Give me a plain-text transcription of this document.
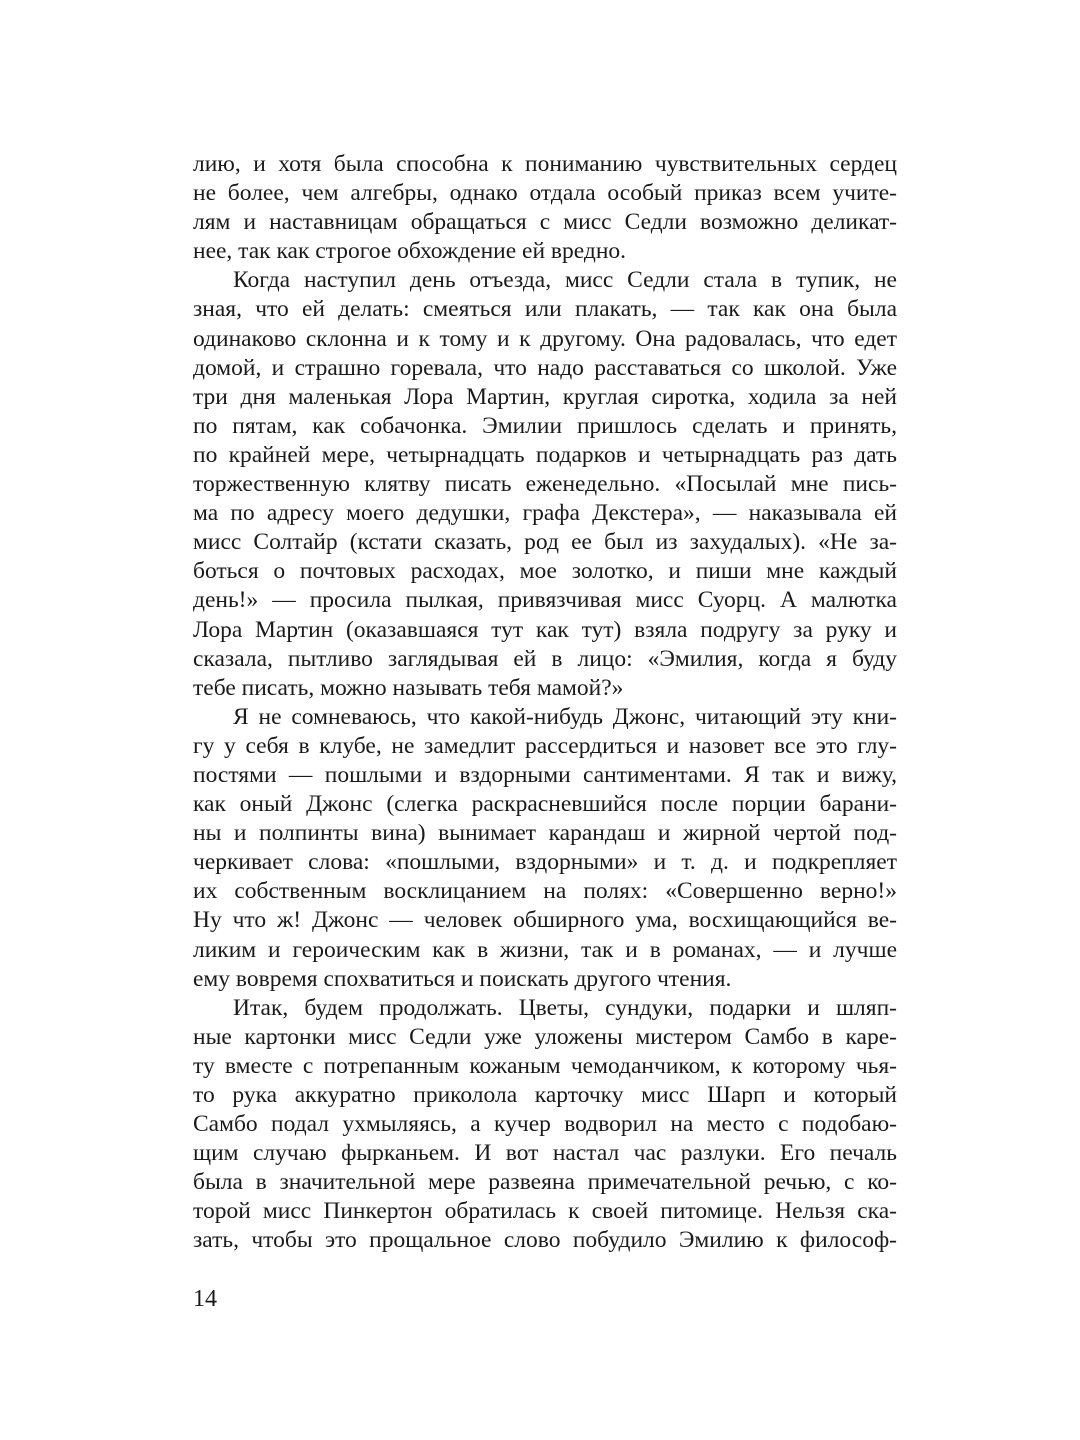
лию, и хотя была способна к пониманию чувствительных сердец
не более, чем алгебры, однако отдала особый приказ всем учите-
лям и наставницам обращаться с мисс Седли возможно деликат-
нее, так как строгое обхождение ей вредно.
Когда наступил день отъезда, мисс Седли стала в тупик, не
зная, что ей делать: смеяться или плакать, — так как она была
одинаково склонна и к тому и к другому. Она радовалась, что едет
домой, и страшно горевала, что надо расставаться со школой. Уже
три дня маленькая Лора Мартин, круглая сиротка, ходила за ней
по пятам, как собачонка. Эмилии пришлось сделать и принять,
по крайней мере, четырнадцать подарков и четырнадцать раз дать
торжественную клятву писать еженедельно. «Посылай мне пись-
ма по адресу моего дедушки, графа Декстера», — наказывала ей
мисс Солтайр (кстати сказать, род ее был из захудалых). «Не за-
боться о почтовых расходах, мое золотко, и пиши мне каждый
день!» — просила пылкая, привязчивая мисс Суорц. А малютка
Лора Мартин (оказавшаяся тут как тут) взяла подругу за руку и
сказала, пытливо заглядывая ей в лицо: «Эмилия, когда я буду
тебе писать, можно называть тебя мамой?»
Я не сомневаюсь, что какой-нибудь Джонс, читающий эту кни-
гу у себя в клубе, не замедлит рассердиться и назовет все это глу-
постями — пошлыми и вздорными сантиментами. Я так и вижу,
как оный Джонс (слегка раскрасневшийся после порции барани-
ны и полпинты вина) вынимает карандаш и жирной чертой под-
черкивает слова: «пошлыми, вздорными» и т. д. и подкрепляет
их собственным восклицанием на полях: «Совершенно верно!»
Ну что ж! Джонс — человек обширного ума, восхищающийся ве-
ликим и героическим как в жизни, так и в романах, — и лучше
ему вовремя спохватиться и поискать другого чтения.
Итак, будем продолжать. Цветы, сундуки, подарки и шляп-
ные картонки мисс Седли уже уложены мистером Самбо в каре-
ту вместе с потрепанным кожаным чемоданчиком, к которому чья-
то рука аккуратно приколола карточку мисс Шарп и который
Самбо подал ухмыляясь, а кучер водворил на место с подобаю-
щим случаю фырканьем. И вот настал час разлуки. Его печаль
была в значительной мере развеяна примечательной речью, с ко-
торой мисс Пинкертон обратилась к своей питомице. Нельзя ска-
зать, чтобы это прощальное слово побудило Эмилию к философ-
14
